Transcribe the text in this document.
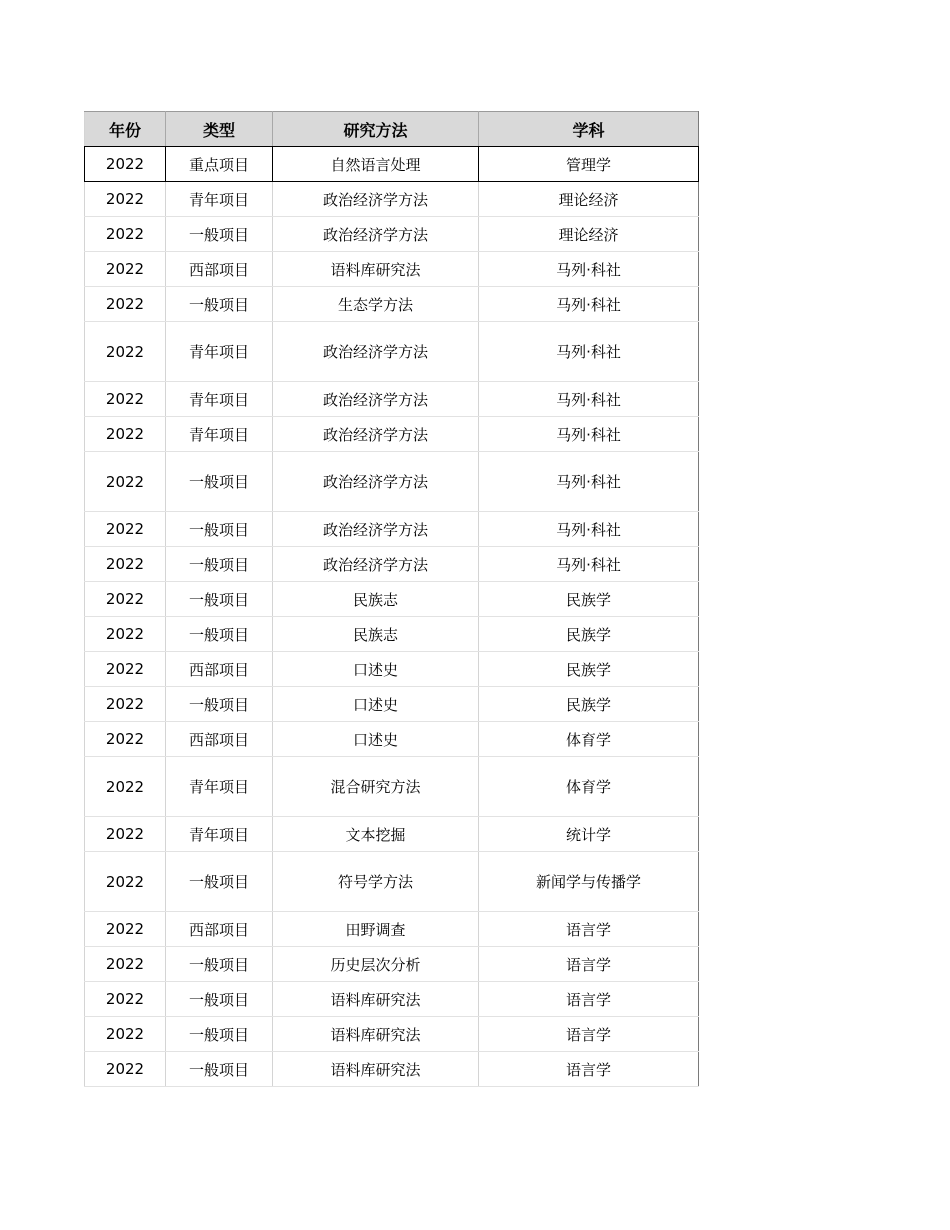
年份	类型	研究方法	学科
2022	重点项目	自然语言处理	管理学
2022	青年项目	政治经济学方法	理论经济
2022	一般项目	政治经济学方法	理论经济
2022	西部项目	语料库研究法	马列·科社
2022	一般项目	生态学方法	马列·科社
2022	青年项目	政治经济学方法	马列·科社
2022	青年项目	政治经济学方法	马列·科社
2022	青年项目	政治经济学方法	马列·科社
2022	一般项目	政治经济学方法	马列·科社
2022	一般项目	政治经济学方法	马列·科社
2022	一般项目	政治经济学方法	马列·科社
2022	一般项目	民族志	民族学
2022	一般项目	民族志	民族学
2022	西部项目	口述史	民族学
2022	一般项目	口述史	民族学
2022	西部项目	口述史	体育学
2022	青年项目	混合研究方法	体育学
2022	青年项目	文本挖掘	统计学
2022	一般项目	符号学方法	新闻学与传播学
2022	西部项目	田野调查	语言学
2022	一般项目	历史层次分析	语言学
2022	一般项目	语料库研究法	语言学
2022	一般项目	语料库研究法	语言学
2022	一般项目	语料库研究法	语言学
